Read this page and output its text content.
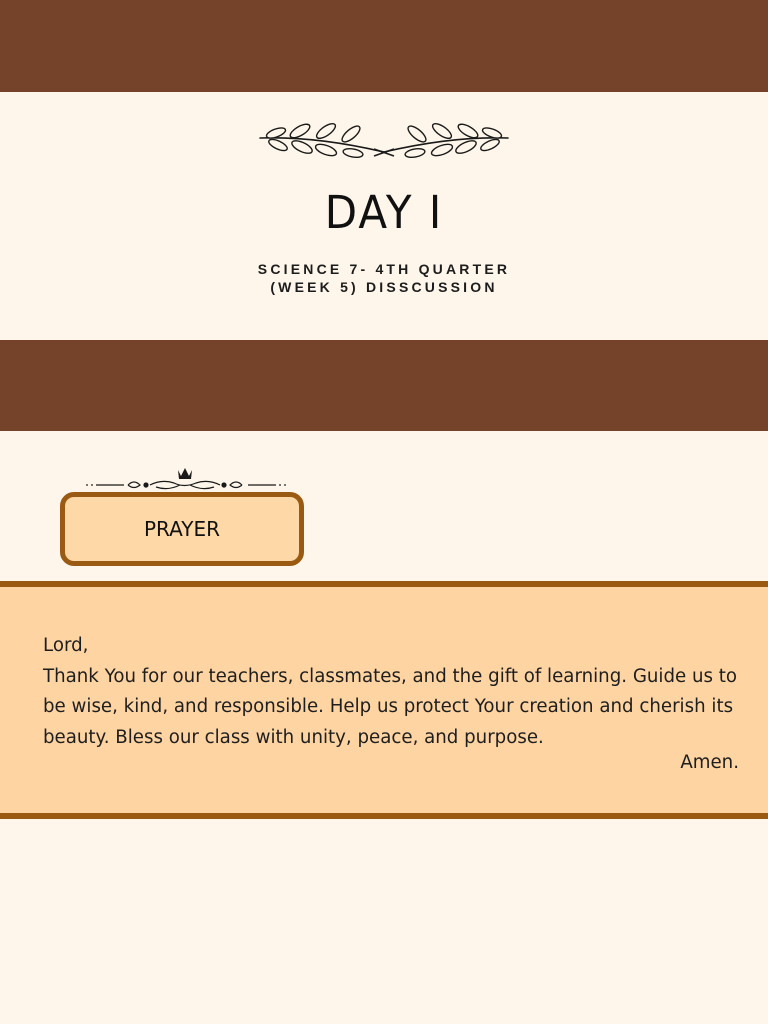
DAY I
SCIENCE 7- 4TH QUARTER
(WEEK 5) DISSCUSSION
PRAYER

Lord,

Thank You for our teachers, classmates, and the gift of learning. Guide us to be wise, kind, and responsible. Help us protect Your creation and cherish its beauty. Bless our class with unity, peace, and purpose.

Amen.
